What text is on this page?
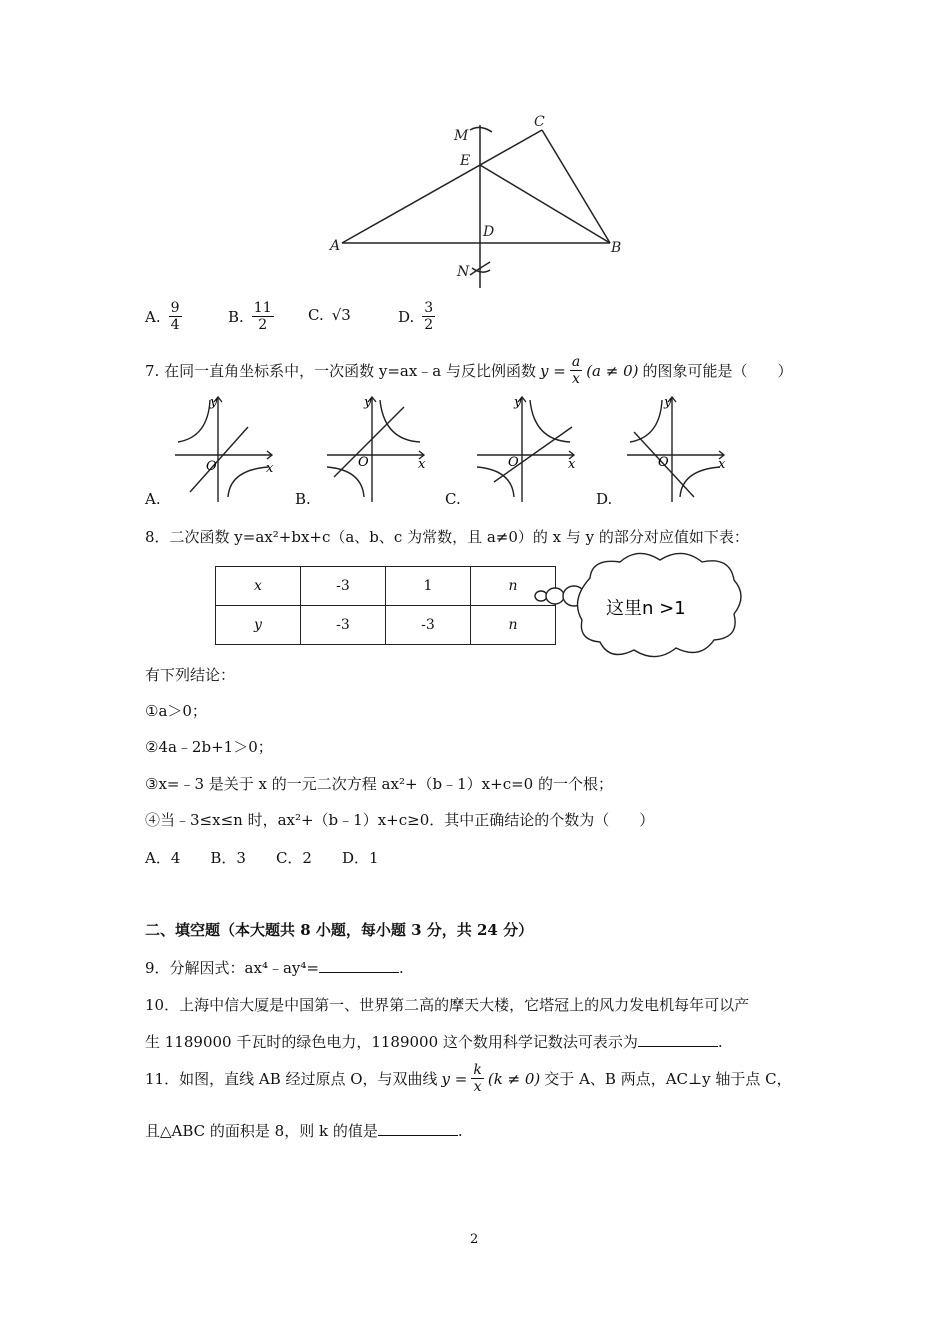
M
E
C
D
A	B
N
A. $\frac{9}{4}$	B. $\frac{11}{2} C$. √3	D. $\frac{3}{2}$
7. 在同一直角坐标系中，一次函数 y=ax﹣a 与反比例函数 $y = \frac{a}{x} (a \ne 0)$ 的图象可能是（　　）
y
x
O
y
x
O
y
x
O
y
x
O
A.	B.	C.	D.
8．二次函数 y=ax²+bx+c（a、b、c 为常数，且 a≠0）的 x 与 y 的部分对应值如下表：
x	-3	1	n
y	-3	-3	n
这里n >1
有下列结论：
①a＞0；
②4a﹣2b+1＞0；
③x=﹣3 是关于 x 的一元二次方程 ax²+（b﹣1）x+c=0 的一个根；
④当﹣3≤x≤n 时，ax²+（b﹣1）x+c≥0．其中正确结论的个数为（　　）
A．4　　B．3　　C．2　　D．1
二、填空题（本大题共 8 小题，每小题 3 分，共 24 分）
9．分解因式：ax⁴﹣ay⁴=	.
10．上海中信大厦是中国第一、世界第二高的摩天大楼，它塔冠上的风力发电机每年可以产
生 1189000 千瓦时的绿色电力，1189000 这个数用科学记数法可表示为	.
11．如图，直线 AB 经过原点 O，与双曲线 $y = \frac{k}{x} (k \ne 0)$ 交于 A、B 两点，AC⊥y 轴于点 C，
且△ABC 的面积是 8，则 k 的值是	.
2
